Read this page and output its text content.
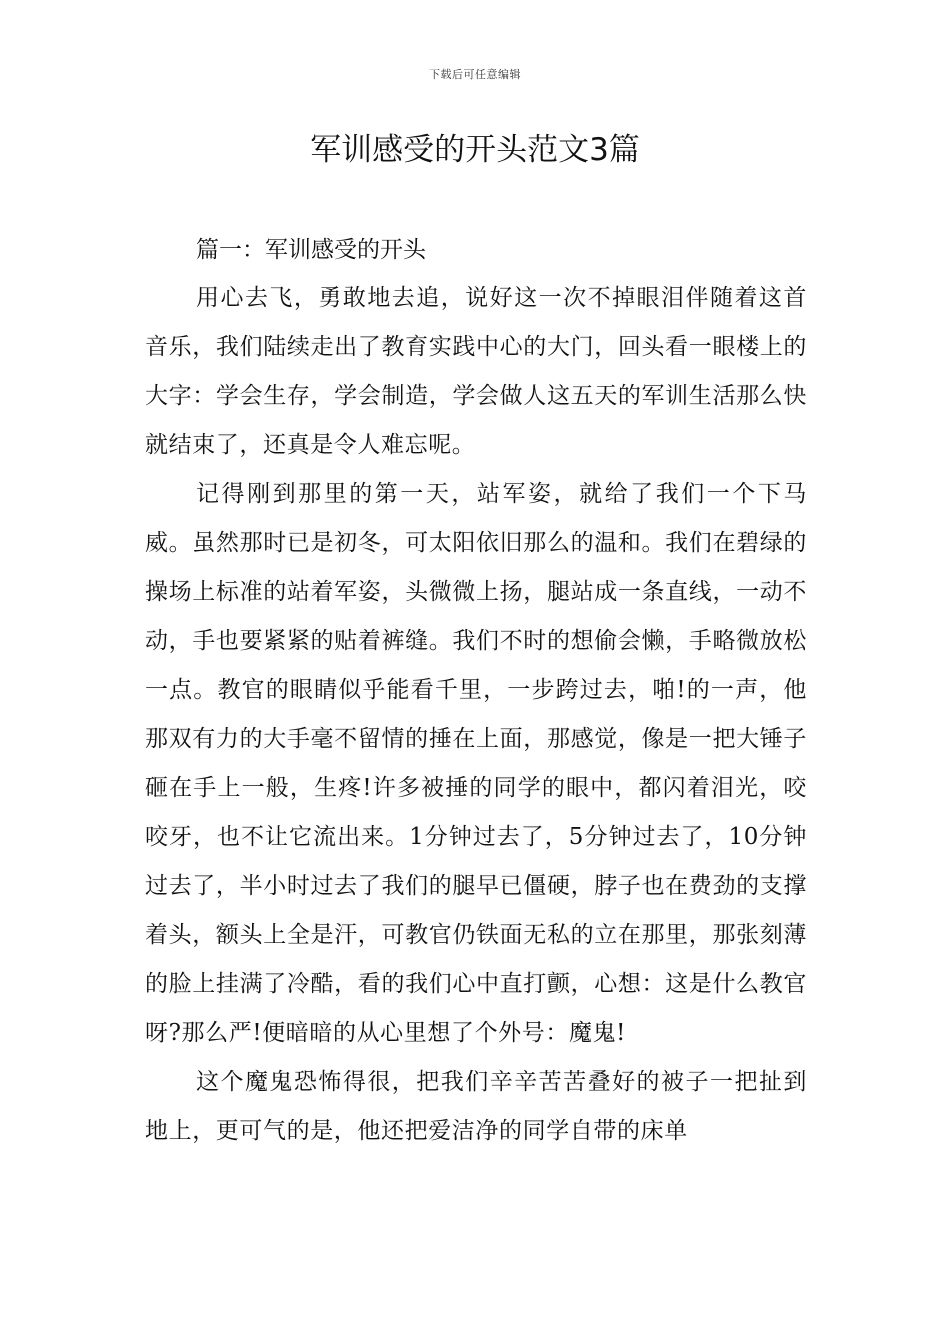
下载后可任意编辑
军训感受的开头范文3篇

篇一：军训感受的开头

用心去飞，勇敢地去追，说好这一次不掉眼泪伴随着这首音乐，我们陆续走出了教育实践中心的大门，回头看一眼楼上的大字：学会生存，学会制造，学会做人这五天的军训生活那么快就结束了，还真是令人难忘呢。

记得刚到那里的第一天，站军姿，就给了我们一个下马威。虽然那时已是初冬，可太阳依旧那么的温和。我们在碧绿的操场上标准的站着军姿，头微微上扬，腿站成一条直线，一动不动，手也要紧紧的贴着裤缝。我们不时的想偷会懒，手略微放松一点。教官的眼睛似乎能看千里，一步跨过去，啪!的一声，他那双有力的大手毫不留情的捶在上面，那感觉，像是一把大锤子砸在手上一般，生疼!许多被捶的同学的眼中，都闪着泪光，咬咬牙，也不让它流出来。1分钟过去了，5分钟过去了，10分钟过去了，半小时过去了我们的腿早已僵硬，脖子也在费劲的支撑着头，额头上全是汗，可教官仍铁面无私的立在那里，那张刻薄的脸上挂满了冷酷，看的我们心中直打颤，心想：这是什么教官呀?那么严!便暗暗的从心里想了个外号：魔鬼!

这个魔鬼恐怖得很，把我们辛辛苦苦叠好的被子一把扯到地上，更可气的是，他还把爱洁净的同学自带的床单
